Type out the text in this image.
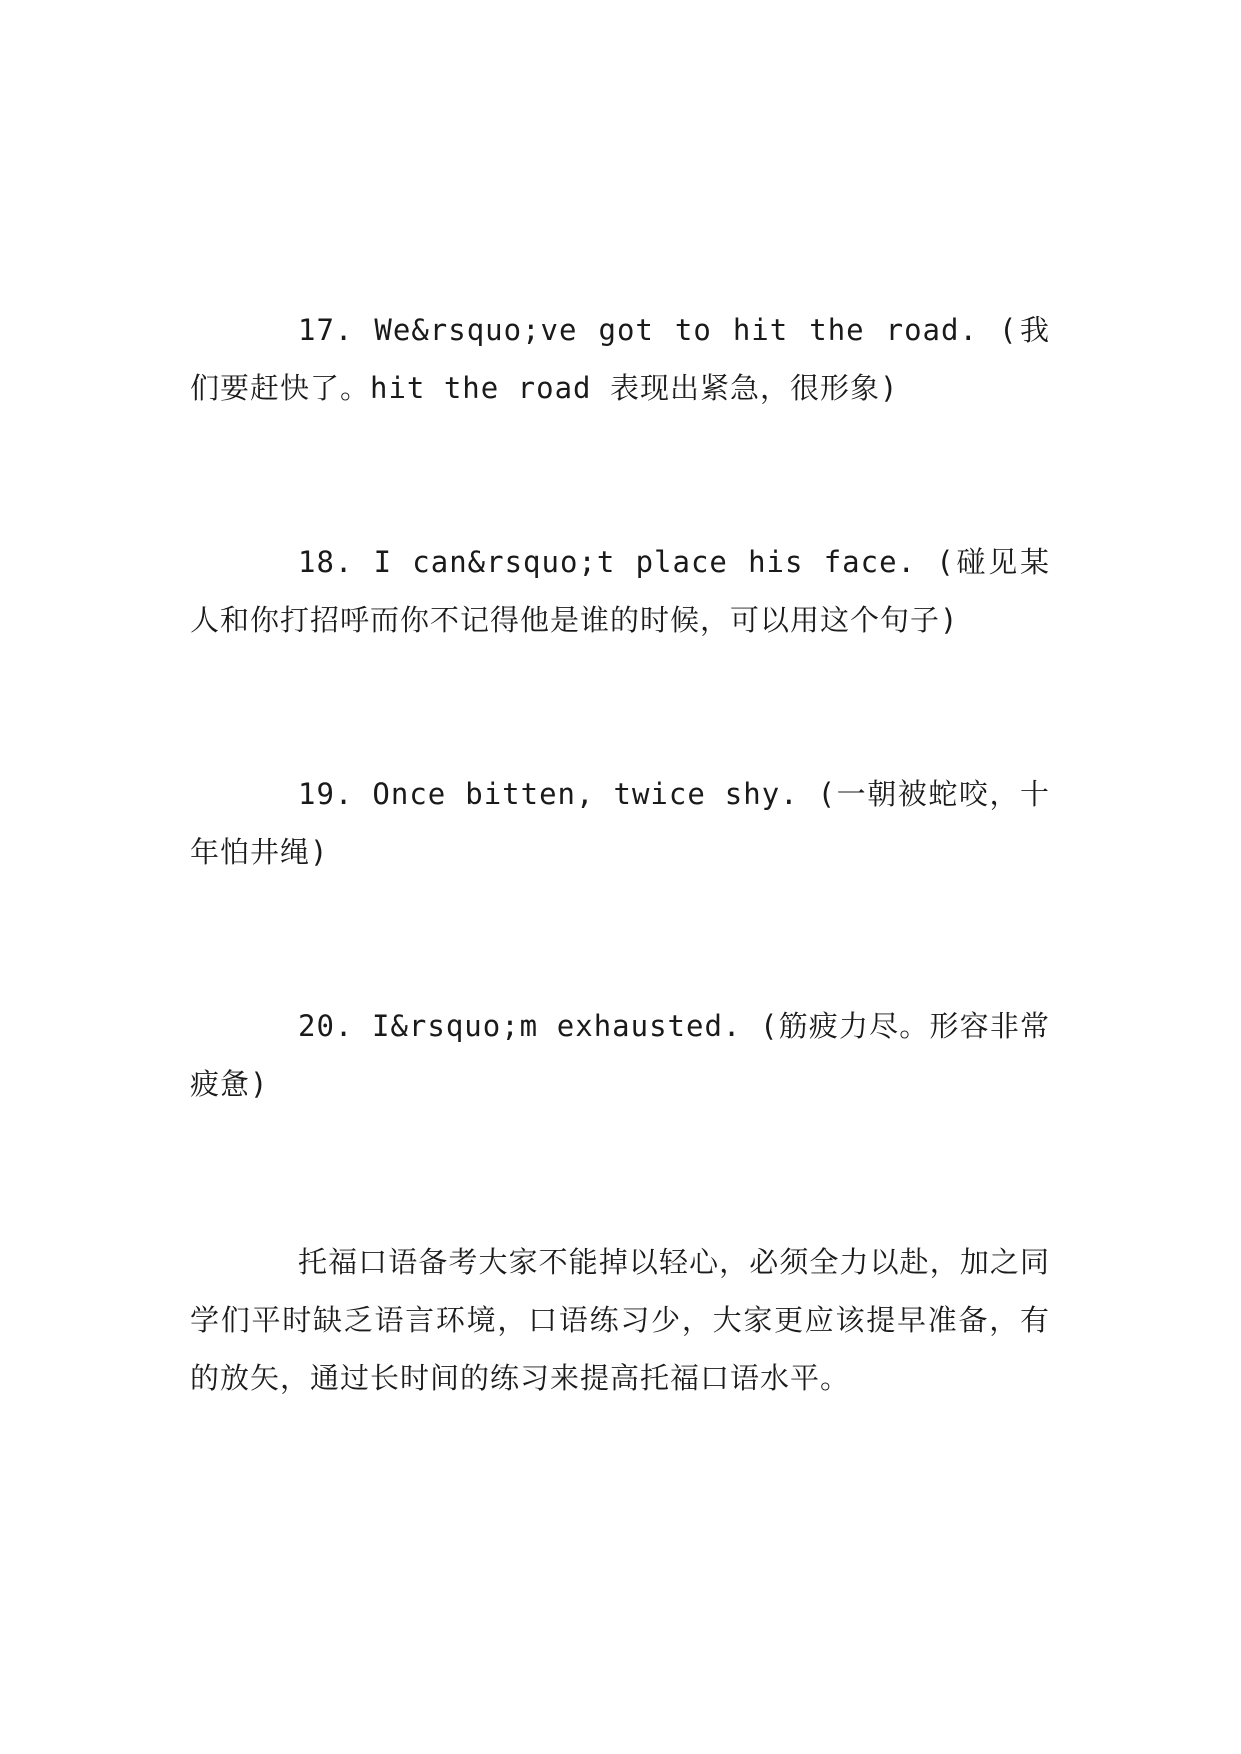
17. We&rsquo;ve got to hit the road. (我们要赶快了。hit the road 表现出紧急，很形象)

18. I can&rsquo;t place his face. (碰见某人和你打招呼而你不记得他是谁的时候，可以用这个句子)

19. Once bitten, twice shy. (一朝被蛇咬，十年怕井绳)

20. I&rsquo;m exhausted. (筋疲力尽。形容非常疲惫)

托福口语备考大家不能掉以轻心，必须全力以赴，加之同学们平时缺乏语言环境，口语练习少，大家更应该提早准备，有的放矢，通过长时间的练习来提高托福口语水平。
